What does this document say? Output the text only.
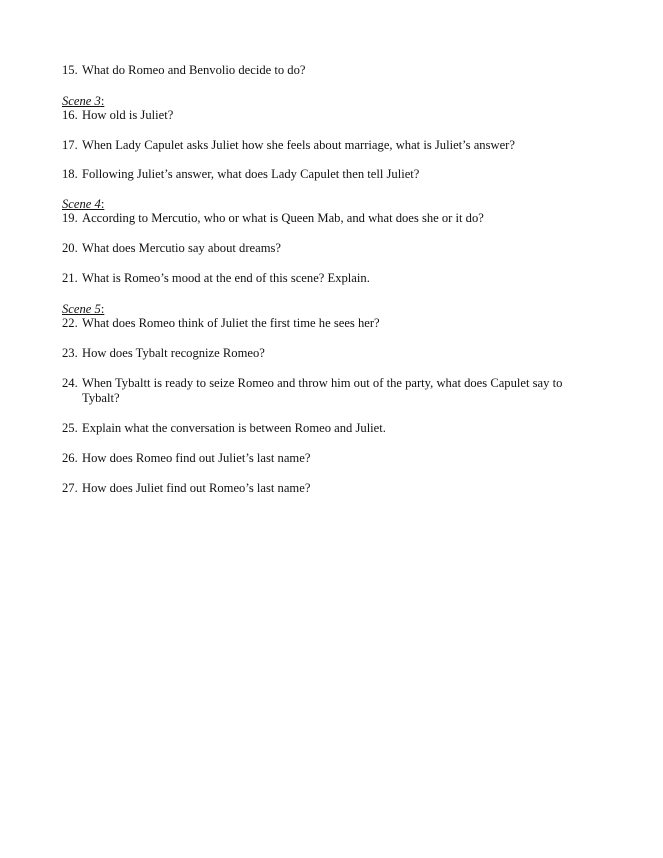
15. What do Romeo and Benvolio decide to do?
Scene 3:
16. How old is Juliet?
17. When Lady Capulet asks Juliet how she feels about marriage, what is Juliet’s answer?
18. Following Juliet’s answer, what does Lady Capulet then tell Juliet?
Scene 4:
19. According to Mercutio, who or what is Queen Mab, and what does she or it do?
20. What does Mercutio say about dreams?
21. What is Romeo’s mood at the end of this scene? Explain.
Scene 5:
22. What does Romeo think of Juliet the first time he sees her?
23. How does Tybalt recognize Romeo?
24. When Tybaltt is ready to seize Romeo and throw him out of the party, what does Capulet say to Tybalt?
25. Explain what the conversation is between Romeo and Juliet.
26. How does Romeo find out Juliet’s last name?
27. How does Juliet find out Romeo’s last name?
